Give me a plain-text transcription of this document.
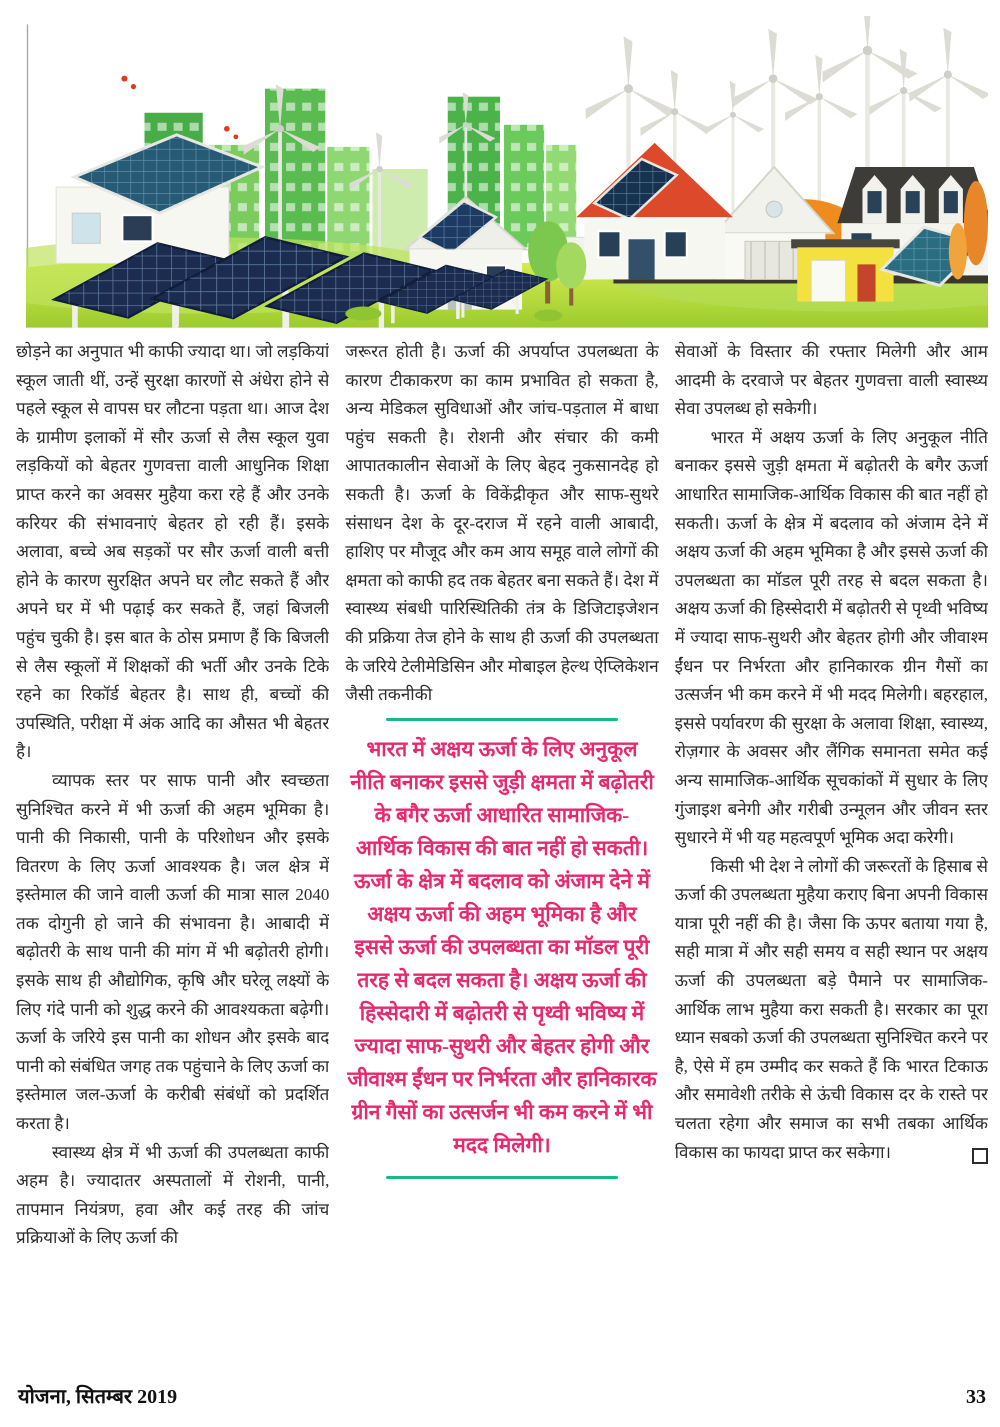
छोड़ने का अनुपात भी काफी ज्यादा था। जो लड़कियां स्कूल जाती थीं, उन्हें सुरक्षा कारणों से अंधेरा होने से पहले स्कूल से वापस घर लौटना पड़ता था। आज देश के ग्रामीण इलाकों में सौर ऊर्जा से लैस स्कूल युवा लड़कियों को बेहतर गुणवत्ता वाली आधुनिक शिक्षा प्राप्त करने का अवसर मुहैया करा रहे हैं और उनके करियर की संभावनाएं बेहतर हो रही हैं। इसके अलावा, बच्चे अब सड़कों पर सौर ऊर्जा वाली बत्ती होने के कारण सुरक्षित अपने घर लौट सकते हैं और अपने घर में भी पढ़ाई कर सकते हैं, जहां बिजली पहुंच चुकी है। इस बात के ठोस प्रमाण हैं कि बिजली से लैस स्कूलों में शिक्षकों की भर्ती और उनके टिके रहने का रिकॉर्ड बेहतर है। साथ ही, बच्चों की उपस्थिति, परीक्षा में अंक आदि का औसत भी बेहतर है।

व्यापक स्तर पर साफ पानी और स्वच्छता सुनिश्चित करने में भी ऊर्जा की अहम भूमिका है। पानी की निकासी, पानी के परिशोधन और इसके वितरण के लिए ऊर्जा आवश्यक है। जल क्षेत्र में इस्तेमाल की जाने वाली ऊर्जा की मात्रा साल 2040 तक दोगुनी हो जाने की संभावना है। आबादी में बढ़ोतरी के साथ पानी की मांग में भी बढ़ोतरी होगी। इसके साथ ही औद्योगिक, कृषि और घरेलू लक्ष्यों के लिए गंदे पानी को शुद्ध करने की आवश्यकता बढ़ेगी। ऊर्जा के जरिये इस पानी का शोधन और इसके बाद पानी को संबंधित जगह तक पहुंचाने के लिए ऊर्जा का इस्तेमाल जल-ऊर्जा के करीबी संबंधों को प्रदर्शित करता है।

स्वास्थ्य क्षेत्र में भी ऊर्जा की उपलब्धता काफी अहम है। ज्यादातर अस्पतालों में रोशनी, पानी, तापमान नियंत्रण, हवा और कई तरह की जांच प्रक्रियाओं के लिए ऊर्जा की

जरूरत होती है। ऊर्जा की अपर्याप्त उपलब्धता के कारण टीकाकरण का काम प्रभावित हो सकता है, अन्य मेडिकल सुविधाओं और जांच-पड़ताल में बाधा पहुंच सकती है। रोशनी और संचार की कमी आपातकालीन सेवाओं के लिए बेहद नुकसानदेह हो सकती है। ऊर्जा के विकेंद्रीकृत और साफ-सुथरे संसाधन देश के दूर-दराज में रहने वाली आबादी, हाशिए पर मौजूद और कम आय समूह वाले लोगों की क्षमता को काफी हद तक बेहतर बना सकते हैं। देश में स्वास्थ्य संबधी पारिस्थितिकी तंत्र के डिजिटाइजेशन की प्रक्रिया तेज होने के साथ ही ऊर्जा की उपलब्धता के जरिये टेलीमेडिसिन और मोबाइल हेल्थ ऐप्लिकेशन जैसी तकनीकी

भारत में अक्षय ऊर्जा के लिए अनुकूल नीति बनाकर इससे जुड़ी क्षमता में बढ़ोतरी के बगैर ऊर्जा आधारित सामाजिक-आर्थिक विकास की बात नहीं हो सकती। ऊर्जा के क्षेत्र में बदलाव को अंजाम देने में अक्षय ऊर्जा की अहम भूमिका है और इससे ऊर्जा की उपलब्धता का मॉडल पूरी तरह से बदल सकता है। अक्षय ऊर्जा की हिस्सेदारी में बढ़ोतरी से पृथ्वी भविष्य में ज्यादा साफ-सुथरी और बेहतर होगी और जीवाश्म ईंधन पर निर्भरता और हानिकारक ग्रीन गैसों का उत्सर्जन भी कम करने में भी मदद मिलेगी।

सेवाओं के विस्तार की रफ्तार मिलेगी और आम आदमी के दरवाजे पर बेहतर गुणवत्ता वाली स्वास्थ्य सेवा उपलब्ध हो सकेगी।

भारत में अक्षय ऊर्जा के लिए अनुकूल नीति बनाकर इससे जुड़ी क्षमता में बढ़ोतरी के बगैर ऊर्जा आधारित सामाजिक-आर्थिक विकास की बात नहीं हो सकती। ऊर्जा के क्षेत्र में बदलाव को अंजाम देने में अक्षय ऊर्जा की अहम भूमिका है और इससे ऊर्जा की उपलब्धता का मॉडल पूरी तरह से बदल सकता है। अक्षय ऊर्जा की हिस्सेदारी में बढ़ोतरी से पृथ्वी भविष्य में ज्यादा साफ-सुथरी और बेहतर होगी और जीवाश्म ईंधन पर निर्भरता और हानिकारक ग्रीन गैसों का उत्सर्जन भी कम करने में भी मदद मिलेगी। बहरहाल, इससे पर्यावरण की सुरक्षा के अलावा शिक्षा, स्वास्थ्य, रोज़गार के अवसर और लैंगिक समानता समेत कई अन्य सामाजिक-आर्थिक सूचकांकों में सुधार के लिए गुंजाइश बनेगी और गरीबी उन्मूलन और जीवन स्तर सुधारने में भी यह महत्वपूर्ण भूमिक अदा करेगी।

किसी भी देश ने लोगों की जरूरतों के हिसाब से ऊर्जा की उपलब्धता मुहैया कराए बिना अपनी विकास यात्रा पूरी नहीं की है। जैसा कि ऊपर बताया गया है, सही मात्रा में और सही समय व सही स्थान पर अक्षय ऊर्जा की उपलब्धता बड़े पैमाने पर सामाजिक-आर्थिक लाभ मुहैया करा सकती है। सरकार का पूरा ध्यान सबको ऊर्जा की उपलब्धता सुनिश्चित करने पर है, ऐसे में हम उम्मीद कर सकते हैं कि भारत टिकाऊ और समावेशी तरीके से ऊंची विकास दर के रास्ते पर चलता रहेगा और समाज का सभी तबका आर्थिक विकास का फायदा प्राप्त कर सकेगा।

योजना, सितम्बर 2019	33
